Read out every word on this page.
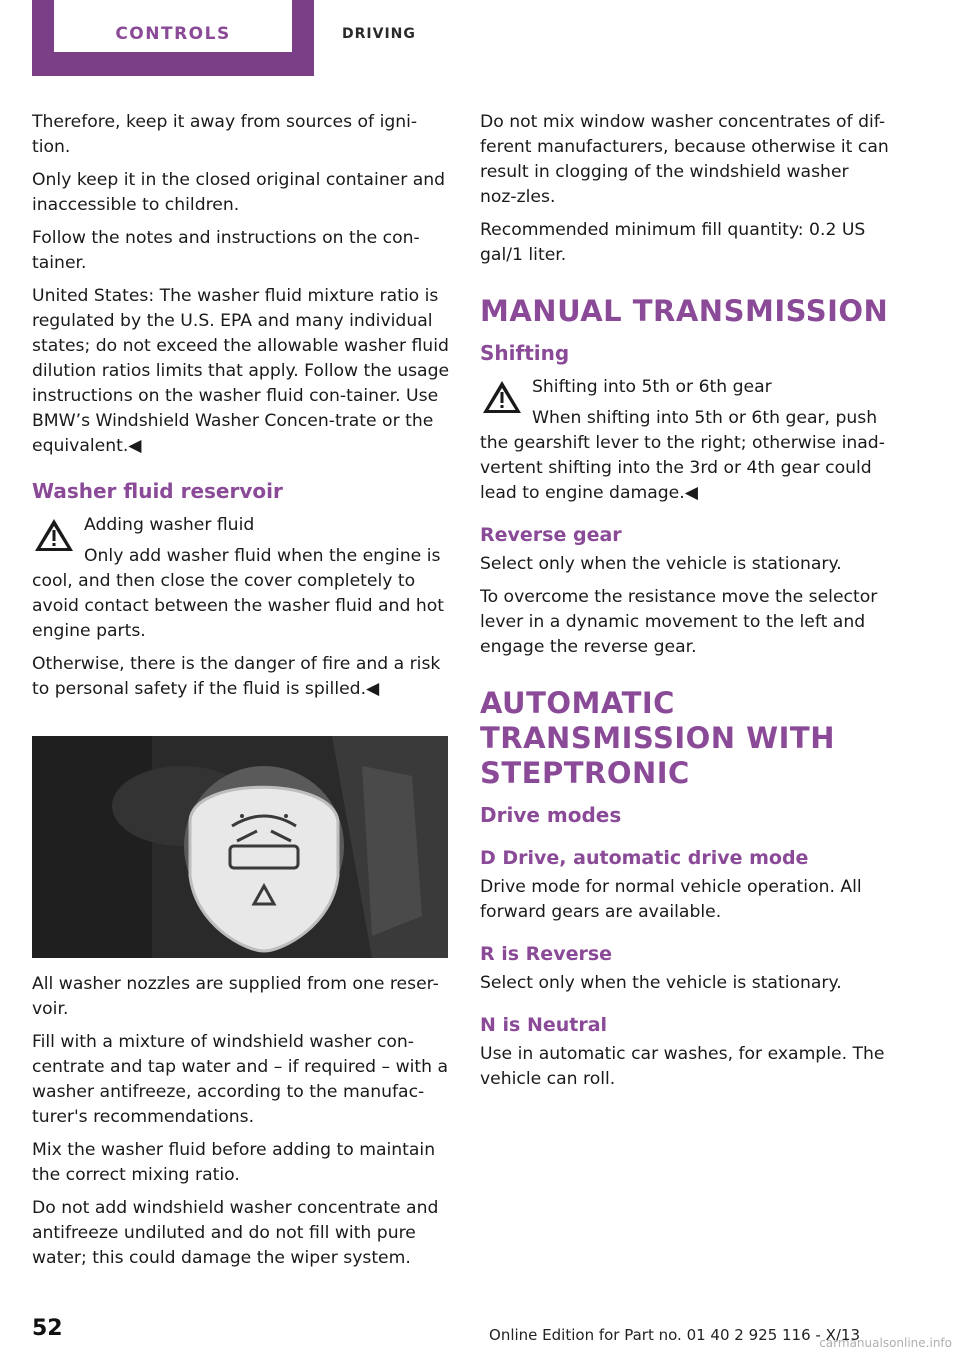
CONTROLS	DRIVING

Therefore, keep it away from sources of igni-tion.

Only keep it in the closed original container and inaccessible to children.

Follow the notes and instructions on the con-tainer.

United States: The washer fluid mixture ratio is regulated by the U.S. EPA and many individual states; do not exceed the allowable washer fluid dilution ratios limits that apply. Follow the usage instructions on the washer fluid con-tainer. Use BMW’s Windshield Washer Concen-trate or the equivalent.◀

Washer fluid reservoir

Adding washer fluid

Only add washer fluid when the engine is cool, and then close the cover completely to avoid contact between the washer fluid and hot engine parts.

Otherwise, there is the danger of fire and a risk to personal safety if the fluid is spilled.◀

All washer nozzles are supplied from one reser-voir.

Fill with a mixture of windshield washer con-centrate and tap water and – if required – with a washer antifreeze, according to the manufac-turer's recommendations.

Mix the washer fluid before adding to maintain the correct mixing ratio.

Do not add windshield washer concentrate and antifreeze undiluted and do not fill with pure water; this could damage the wiper system.

Do not mix window washer concentrates of dif-ferent manufacturers, because otherwise it can result in clogging of the windshield washer noz-zles.

Recommended minimum fill quantity: 0.2 US gal/1 liter.

MANUAL TRANSMISSION
Shifting

Shifting into 5th or 6th gear

When shifting into 5th or 6th gear, push the gearshift lever to the right; otherwise inad-vertent shifting into the 3rd or 4th gear could lead to engine damage.◀

Reverse gear

Select only when the vehicle is stationary.

To overcome the resistance move the selector lever in a dynamic movement to the left and engage the reverse gear.

AUTOMATIC TRANSMISSION WITH STEPTRONIC
Drive modes
D Drive, automatic drive mode

Drive mode for normal vehicle operation. All forward gears are available.

R is Reverse

Select only when the vehicle is stationary.

N is Neutral

Use in automatic car washes, for example. The vehicle can roll.

52	Online Edition for Part no. 01 40 2 925 116 - X/13
carmanualsonline.info
